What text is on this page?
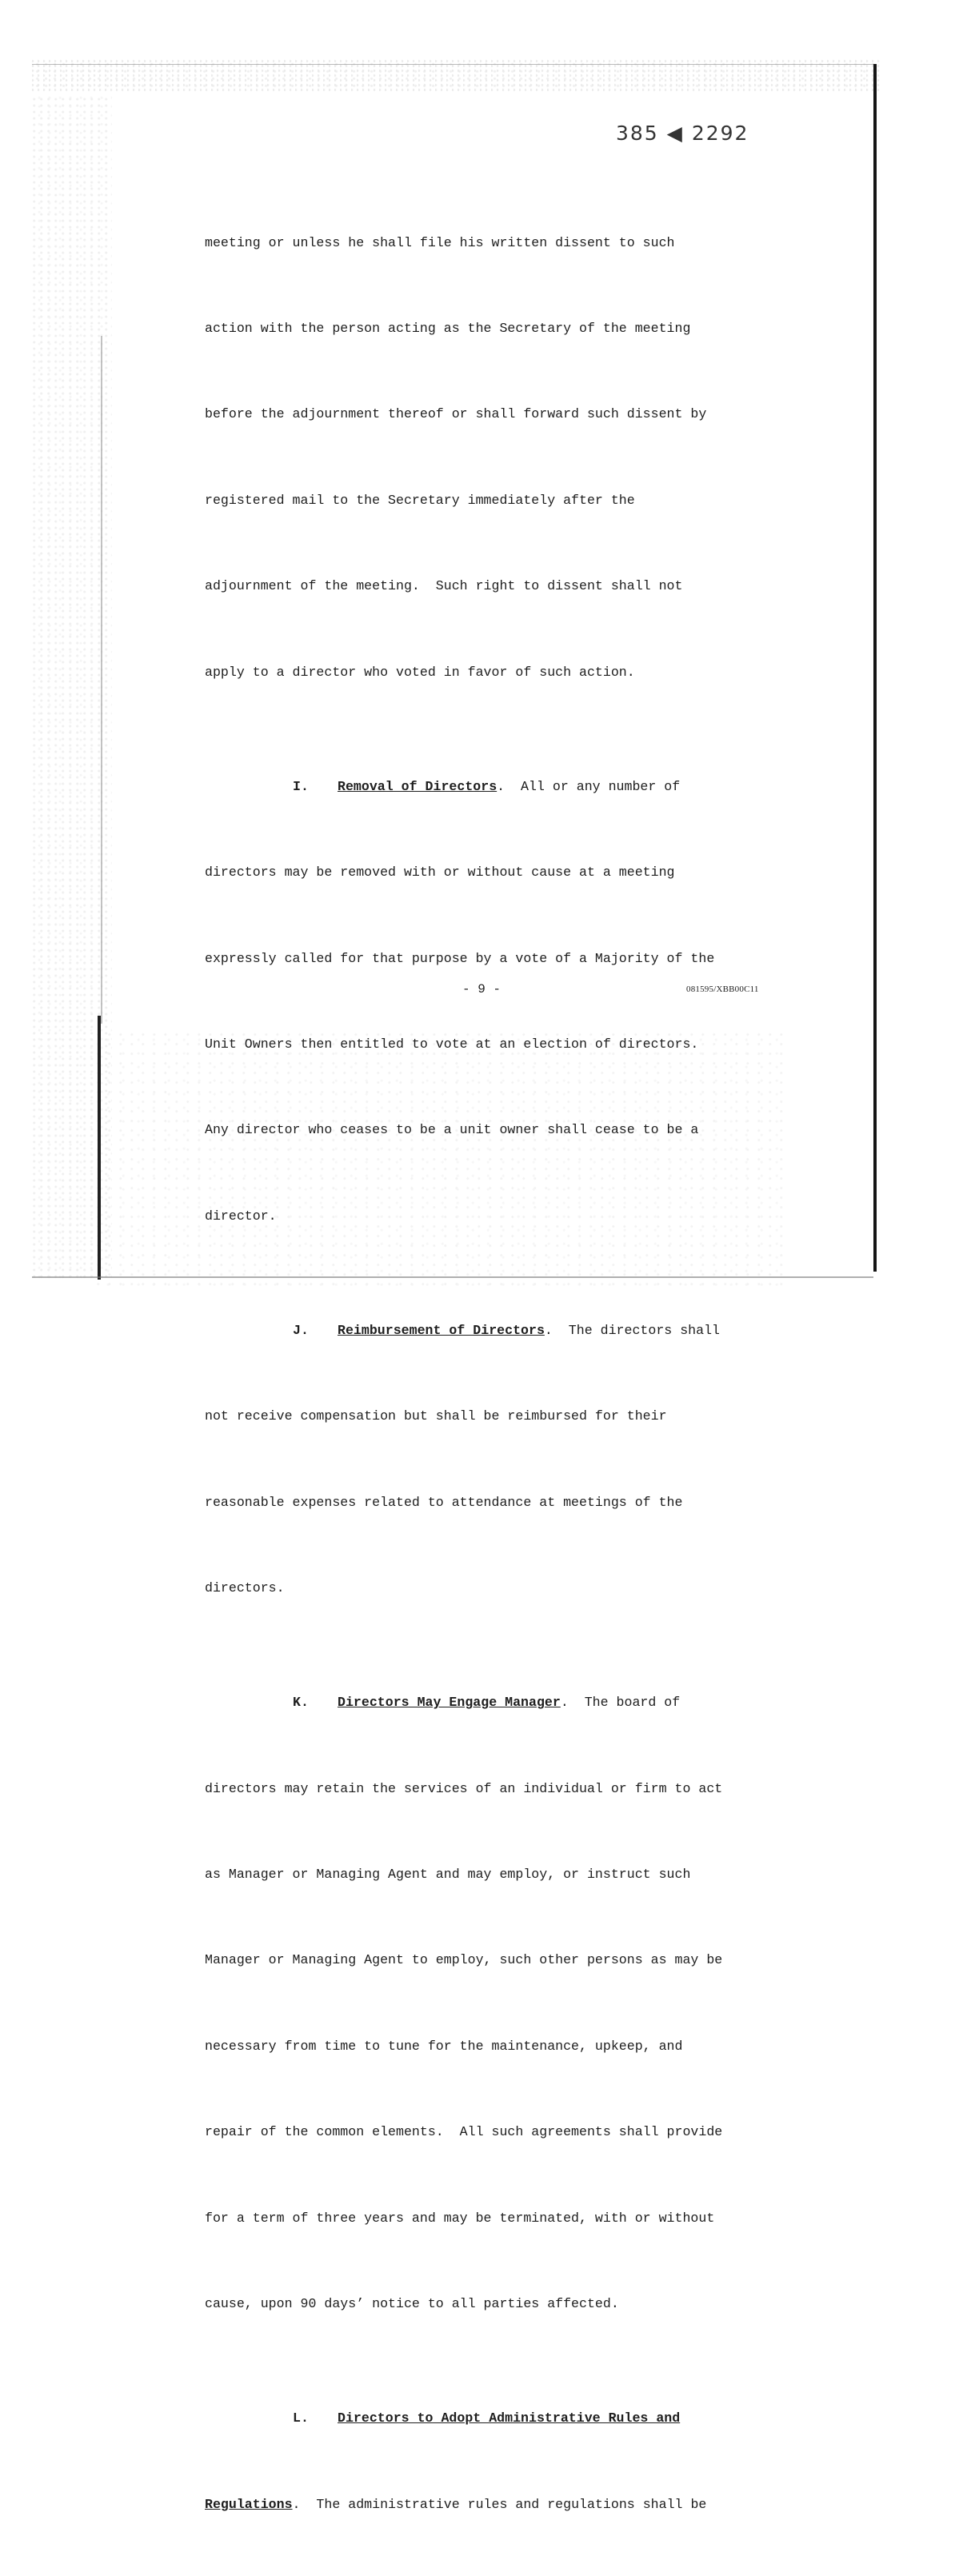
385 ◀ 2292

meeting or unless he shall file his written dissent to such

action with the person acting as the Secretary of the meeting

before the adjournment thereof or shall forward such dissent by

registered mail to the Secretary immediately after the

adjournment of the meeting.  Such right to dissent shall not

apply to a director who voted in favor of such action.

I. Removal of Directors.  All or any number of

directors may be removed with or without cause at a meeting

expressly called for that purpose by a vote of a Majority of the

Unit Owners then entitled to vote at an election of directors.

Any director who ceases to be a unit owner shall cease to be a

director.

J. Reimbursement of Directors.  The directors shall

not receive compensation but shall be reimbursed for their

reasonable expenses related to attendance at meetings of the

directors.

K. Directors May Engage Manager.  The board of

directors may retain the services of an individual or firm to act

as Manager or Managing Agent and may employ, or instruct such

Manager or Managing Agent to employ, such other persons as may be

necessary from time to tune for the maintenance, upkeep, and

repair of the common elements.  All such agreements shall provide

for a term of three years and may be terminated, with or without

cause, upon 90 days’ notice to all parties affected.

L. Directors to Adopt Administrative Rules and

Regulations.  The administrative rules and regulations shall be

- 9 -	081595/XBB00C11
